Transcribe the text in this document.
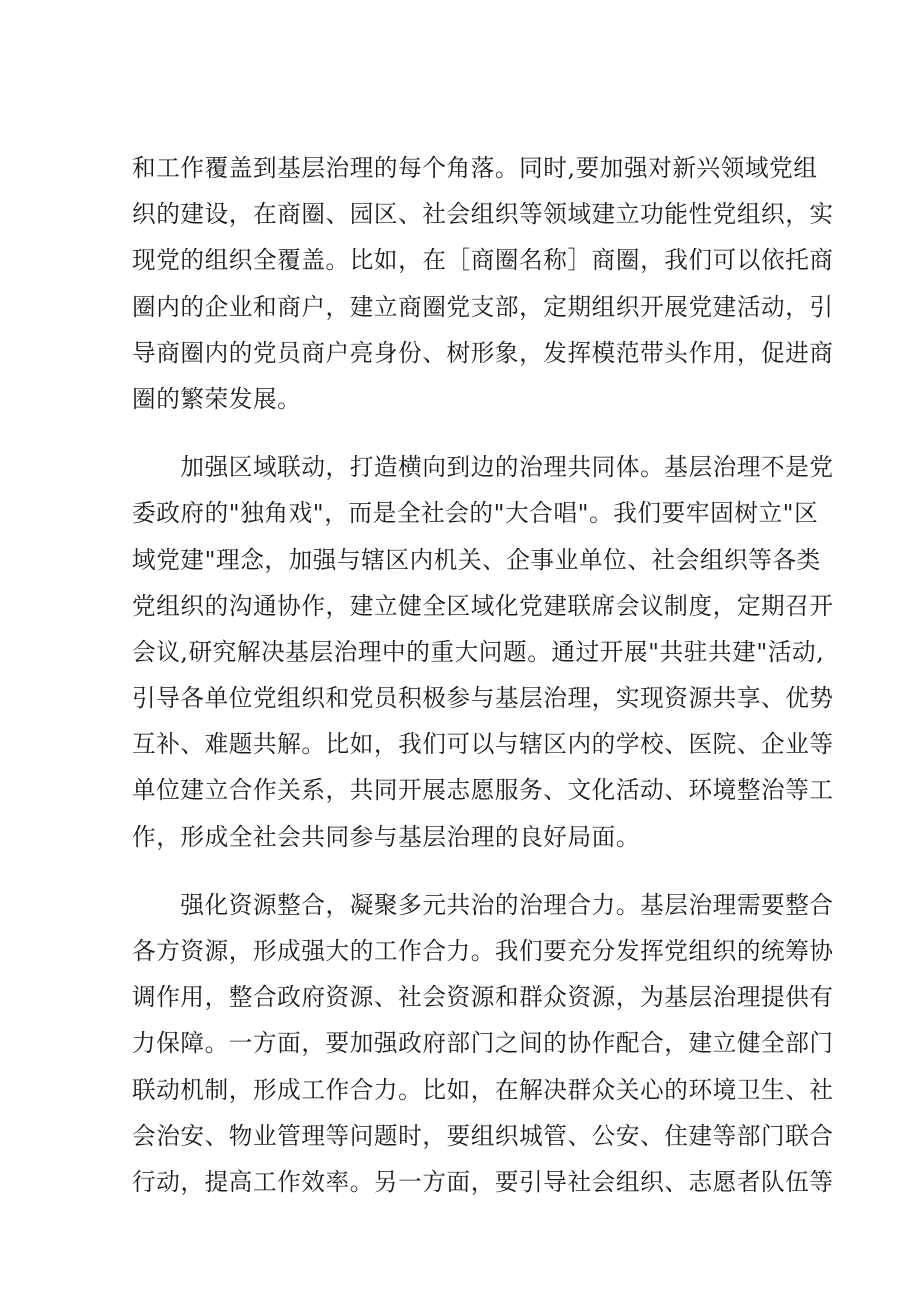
和工作覆盖到基层治理的每个角落。同时,要加强对新兴领域党组
织的建设，在商圈、园区、社会组织等领域建立功能性党组织，实
现党的组织全覆盖。比如，在［商圈名称］商圈，我们可以依托商
圈内的企业和商户，建立商圈党支部，定期组织开展党建活动，引
导商圈内的党员商户亮身份、树形象，发挥模范带头作用，促进商
圈的繁荣发展。
　　加强区域联动，打造横向到边的治理共同体。基层治理不是党
委政府的"独角戏"，而是全社会的"大合唱"。我们要牢固树立"区
域党建"理念，加强与辖区内机关、企事业单位、社会组织等各类
党组织的沟通协作，建立健全区域化党建联席会议制度，定期召开
会议,研究解决基层治理中的重大问题。通过开展"共驻共建"活动,
引导各单位党组织和党员积极参与基层治理，实现资源共享、优势
互补、难题共解。比如，我们可以与辖区内的学校、医院、企业等
单位建立合作关系，共同开展志愿服务、文化活动、环境整治等工
作，形成全社会共同参与基层治理的良好局面。
　　强化资源整合，凝聚多元共治的治理合力。基层治理需要整合
各方资源，形成强大的工作合力。我们要充分发挥党组织的统筹协
调作用，整合政府资源、社会资源和群众资源，为基层治理提供有
力保障。一方面，要加强政府部门之间的协作配合，建立健全部门
联动机制，形成工作合力。比如，在解决群众关心的环境卫生、社
会治安、物业管理等问题时，要组织城管、公安、住建等部门联合
行动，提高工作效率。另一方面，要引导社会组织、志愿者队伍等
